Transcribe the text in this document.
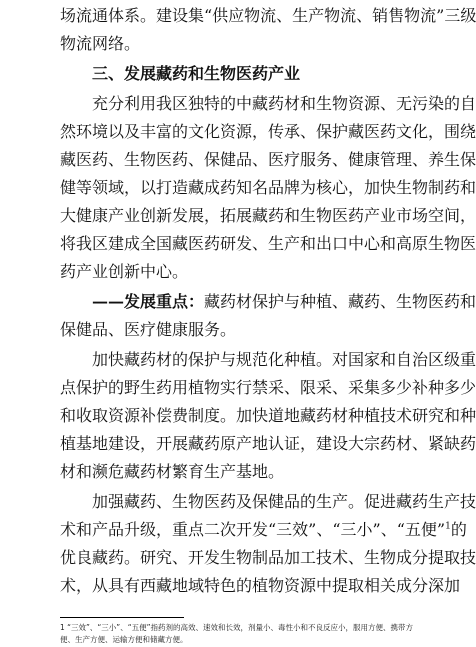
场流通体系。建设集“供应物流、生产物流、销售物流”三级
物流网络。
三、发展藏药和生物医药产业
充分利用我区独特的中藏药材和生物资源、无污染的自
然环境以及丰富的文化资源，传承、保护藏医药文化，围绕
藏医药、生物医药、保健品、医疗服务、健康管理、养生保
健等领域，以打造藏成药知名品牌为核心，加快生物制药和
大健康产业创新发展，拓展藏药和生物医药产业市场空间，
将我区建成全国藏医药研发、生产和出口中心和高原生物医
药产业创新中心。
——发展重点：藏药材保护与种植、藏药、生物医药和
保健品、医疗健康服务。
加快藏药材的保护与规范化种植。对国家和自治区级重
点保护的野生药用植物实行禁采、限采、采集多少补种多少
和收取资源补偿费制度。加快道地藏药材种植技术研究和种
植基地建设，开展藏药原产地认证，建设大宗药材、紧缺药
材和濒危藏药材繁育生产基地。
加强藏药、生物医药及保健品的生产。促进藏药生产技
术和产品升级，重点二次开发“三效”、“三小”、“五便”$^1$的
优良藏药。研究、开发生物制品加工技术、生物成分提取技
术，从具有西藏地域特色的植物资源中提取相关成分深加
1 “三效”、“三小”、“五便”指药剂的高效、速效和长效，剂量小、毒性小和不良反应小，服用方便、携带方
便、生产方便、运输方便和储藏方便。
